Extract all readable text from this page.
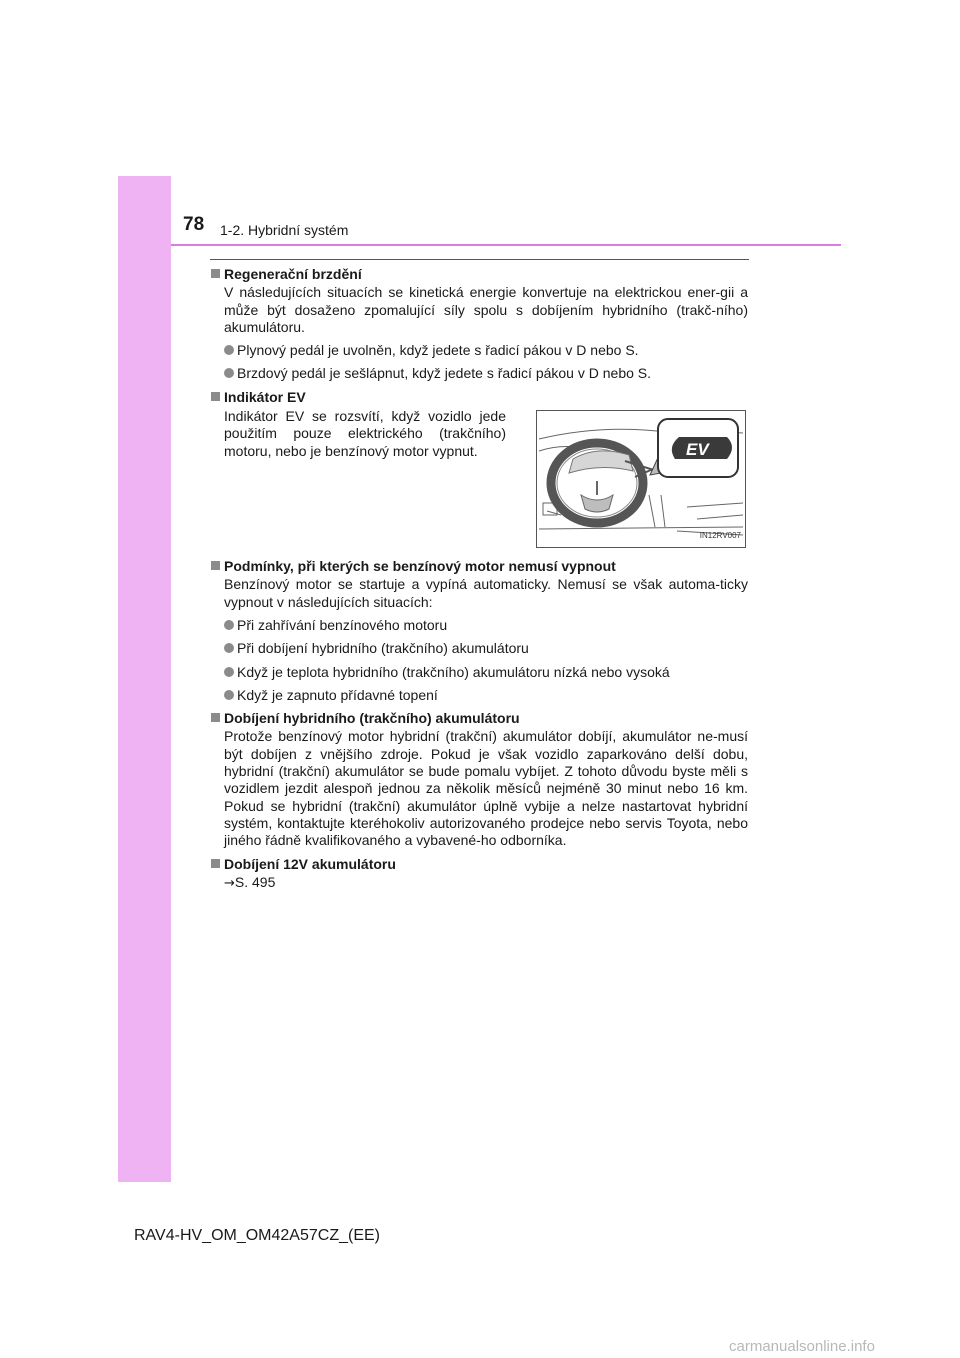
78 1-2. Hybridní systém
Regenerační brzdění
V následujících situacích se kinetická energie konvertuje na elektrickou ener-gii a může být dosaženo zpomalující síly spolu s dobíjením hybridního (trakč-ního) akumulátoru.
Plynový pedál je uvolněn, když jedete s řadicí pákou v D nebo S.
Brzdový pedál je sešlápnut, když jedete s řadicí pákou v D nebo S.
Indikátor EV
Indikátor EV se rozsvítí, když vozidlo jede použitím pouze elektrického (trakčního) motoru, nebo je benzínový motor vypnut.	EV
IN12RV007
Podmínky, při kterých se benzínový motor nemusí vypnout
Benzínový motor se startuje a vypíná automaticky. Nemusí se však automa-ticky vypnout v následujících situacích:
Při zahřívání benzínového motoru
Při dobíjení hybridního (trakčního) akumulátoru
Když je teplota hybridního (trakčního) akumulátoru nízká nebo vysoká
Když je zapnuto přídavné topení
Dobíjení hybridního (trakčního) akumulátoru
Protože benzínový motor hybridní (trakční) akumulátor dobíjí, akumulátor ne-musí být dobíjen z vnějšího zdroje. Pokud je však vozidlo zaparkováno delší dobu, hybridní (trakční) akumulátor se bude pomalu vybíjet. Z tohoto důvodu byste měli s vozidlem jezdit alespoň jednou za několik měsíců nejméně 30 minut nebo 16 km. Pokud se hybridní (trakční) akumulátor úplně vybije a nelze nastartovat hybridní systém, kontaktujte kteréhokoliv autorizovaného prodejce nebo servis Toyota, nebo jiného řádně kvalifikovaného a vybavené-ho odborníka.
Dobíjení 12V akumulátoru
→S. 495
RAV4-HV_OM_OM42A57CZ_(EE)
carmanualsonline.info
